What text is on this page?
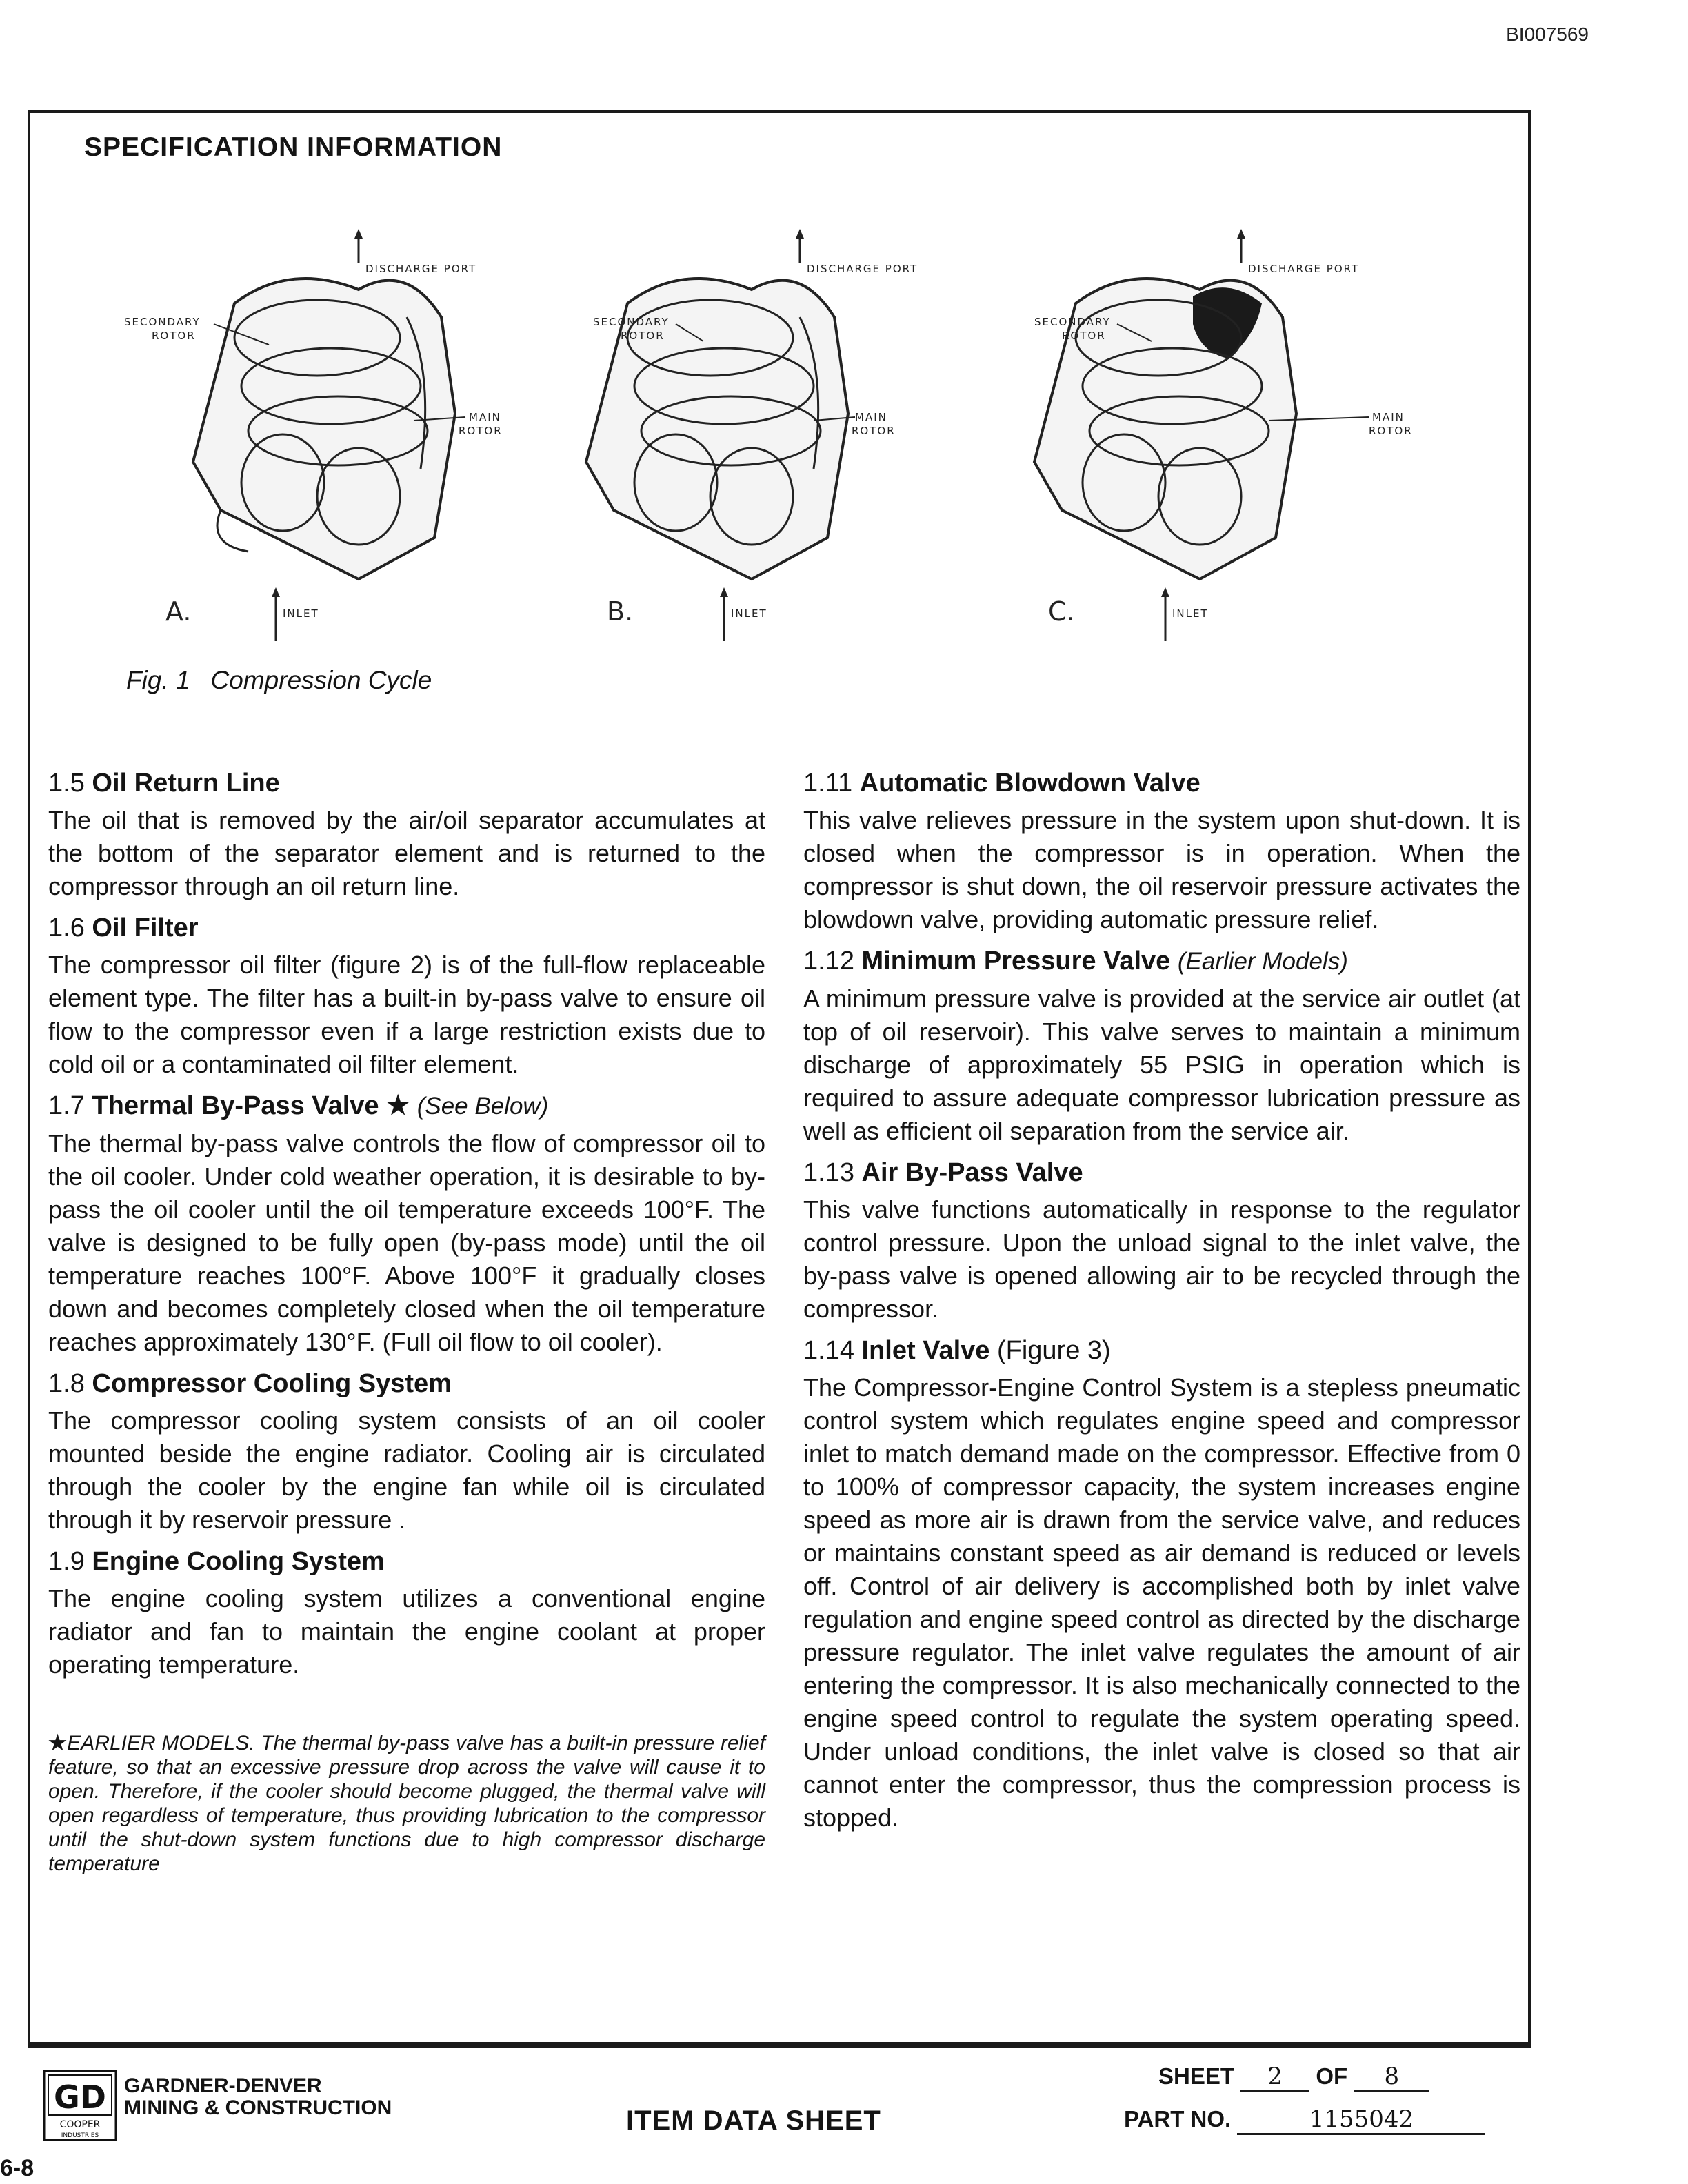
BI007569
SPECIFICATION INFORMATION
DISCHARGE PORT
SECONDARY
ROTOR
MAIN
ROTOR
A.	INLET
DISCHARGE PORT
SECONDARY
ROTOR
MAIN
ROTOR
B.	INLET
DISCHARGE PORT
SECONDARY
ROTOR
MAIN
ROTOR
C.	INLET
Fig. 1 Compression Cycle
1.5 Oil Return Line

The oil that is removed by the air/oil separator accumulates at the bottom of the separator element and is returned to the compressor through an oil return line.

1.6 Oil Filter

The compressor oil filter (figure 2) is of the full-flow replaceable element type. The filter has a built-in by-pass valve to ensure oil flow to the compressor even if a large restriction exists due to cold oil or a contaminated oil filter element.

1.7 Thermal By-Pass Valve ★ (See Below)

The thermal by-pass valve controls the flow of compressor oil to the oil cooler. Under cold weather operation, it is desirable to by-pass the oil cooler until the oil temperature exceeds 100°F. The valve is designed to be fully open (by-pass mode) until the oil temperature reaches 100°F. Above 100°F it gradually closes down and becomes completely closed when the oil temperature reaches approximately 130°F. (Full oil flow to oil cooler).

1.8 Compressor Cooling System

The compressor cooling system consists of an oil cooler mounted beside the engine radiator. Cooling air is circulated through the cooler by the engine fan while oil is circulated through it by reservoir pressure .

1.9 Engine Cooling System

The engine cooling system utilizes a conventional engine radiator and fan to maintain the engine coolant at proper operating temperature.

★EARLIER MODELS. The thermal by-pass valve has a built-in pressure relief feature, so that an excessive pressure drop across the valve will cause it to open. Therefore, if the cooler should become plugged, the thermal valve will open regardless of temperature, thus providing lubrication to the compressor until the shut-down system functions due to high compressor discharge temperature
1.11 Automatic Blowdown Valve

This valve relieves pressure in the system upon shut-down. It is closed when the compressor is in operation. When the compressor is shut down, the oil reservoir pressure activates the blowdown valve, providing automatic pressure relief.

1.12 Minimum Pressure Valve (Earlier Models)

A minimum pressure valve is provided at the service air outlet (at top of oil reservoir). This valve serves to maintain a minimum discharge of approximately 55 PSIG in operation which is required to assure adequate compressor lubrication pressure as well as efficient oil separation from the service air.

1.13 Air By-Pass Valve

This valve functions automatically in response to the regulator control pressure. Upon the unload signal to the inlet valve, the by-pass valve is opened allowing air to be recycled through the compressor.

1.14 Inlet Valve (Figure 3)

The Compressor-Engine Control System is a stepless pneumatic control system which regulates engine speed and compressor inlet to match demand made on the compressor. Effective from 0 to 100% of compressor capacity, the system increases engine speed as more air is drawn from the service valve, and reduces or maintains constant speed as air demand is reduced or levels off. Control of air delivery is accomplished both by inlet valve regulation and engine speed control as directed by the discharge pressure regulator. The inlet valve regulates the amount of air entering the compressor. It is also mechanically connected to the engine speed control to regulate the system operating speed. Under unload conditions, the inlet valve is closed so that air cannot enter the compressor, thus the compression process is stopped.

GD
COOPER
INDUSTRIES
GARDNER-DENVER
MINING & CONSTRUCTION	ITEM DATA SHEET
SHEET 2 OF 8
PART NO.	1155042
6-8
